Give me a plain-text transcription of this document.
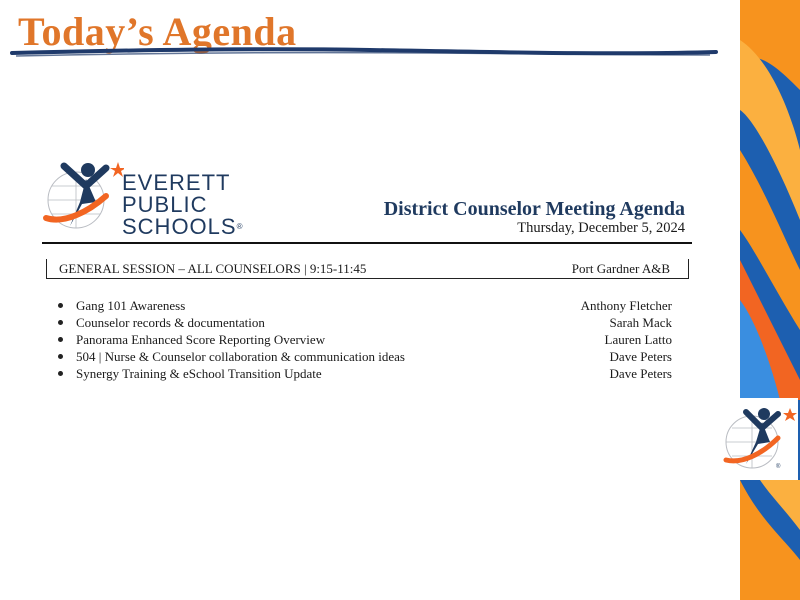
Today’s Agenda
®
EVERETT
PUBLIC
SCHOOLS®
District Counselor Meeting Agenda
Thursday, December 5, 2024
GENERAL SESSION – ALL COUNSELORS | 9:15-11:45	Port Gardner A&B
Gang 101 Awareness	Anthony Fletcher
Counselor records & documentation	Sarah Mack
Panorama Enhanced Score Reporting Overview	Lauren Latto
504 | Nurse & Counselor collaboration & communication ideas	Dave Peters
Synergy Training & eSchool Transition Update	Dave Peters
